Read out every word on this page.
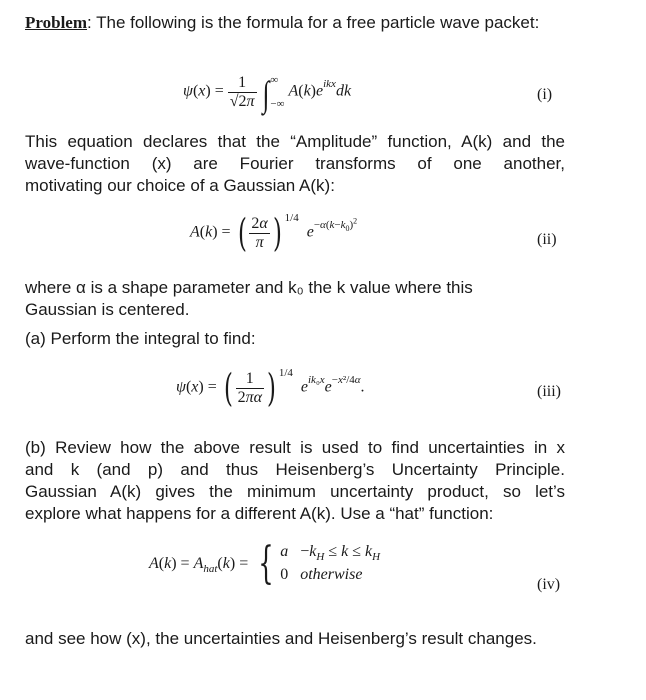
Problem: The following is the formula for a free particle wave packet:

$\psi(x) = \frac{1}{√2\pi}$ ∫ ∞
−∞
$A(k)e^{ikx}dk$	(i)

This equation declares that the “Amplitude” function, A(k) and the

wave-function (x) are Fourier transforms of one another,

motivating our choice of a Gaussian A(k):

A(k) = ( $\frac{2\alpha}{\pi}$ ) $^{1/4}$  $e^{-\alpha(k-k_0)^2}$
(ii)

where α is a shape parameter and k₀ the k value where this

Gaussian is centered.

(a) Perform the integral to find:

ψ(x) = ( $\frac{1}{2\pi\alpha}$ ) $^{1/4}$  $e^{ik_0x}e^{-x^2/4\alpha}$.	(iii)

(b) Review how the above result is used to find uncertainties in x

and k (and p) and thus Heisenberg’s Uncertainty Principle.

Gaussian A(k) gives the minimum uncertainty product, so let’s

explore what happens for a different A(k). Use a “hat” function:

$A(k) = A_{hat}(k)$ = { $a -k_H \le k \le k_H$
0   otherwise
(iv)

and see how (x), the uncertainties and Heisenberg’s result changes.
